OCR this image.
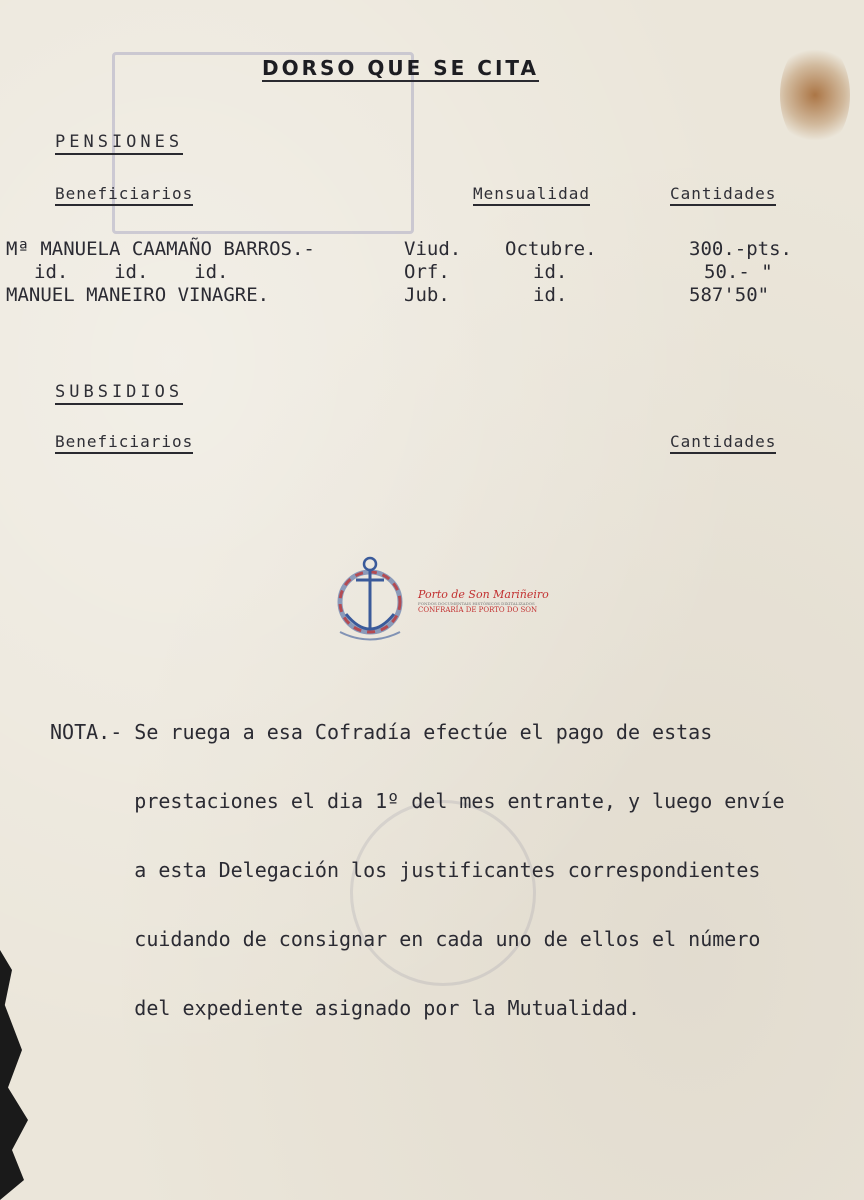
DORSO QUE SE CITA
PENSIONES
Beneficiarios	Mensualidad	Cantidades
Mª MANUELA CAAMAÑO BARROS.-	Viud. Octubre.	300.-pts.
id.    id.    id.	Orf.	id.	50.- "
MANUEL MANEIRO VINAGRE.	Jub.	id.	587'50"
SUBSIDIOS
Beneficiarios	Cantidades
Porto de Son Mariñeiro
FONDOS DOCUMENTAIS HISTÓRICOS DIXITALIZADOS
CONFRARÍA DE PORTO DO SON

NOTA.- Se ruega a esa Cofradía efectúe el pago de estas

prestaciones el dia 1º del mes entrante, y luego envíe

a esta Delegación los justificantes correspondientes

cuidando de consignar en cada uno de ellos el número

del expediente asignado por la Mutualidad.
